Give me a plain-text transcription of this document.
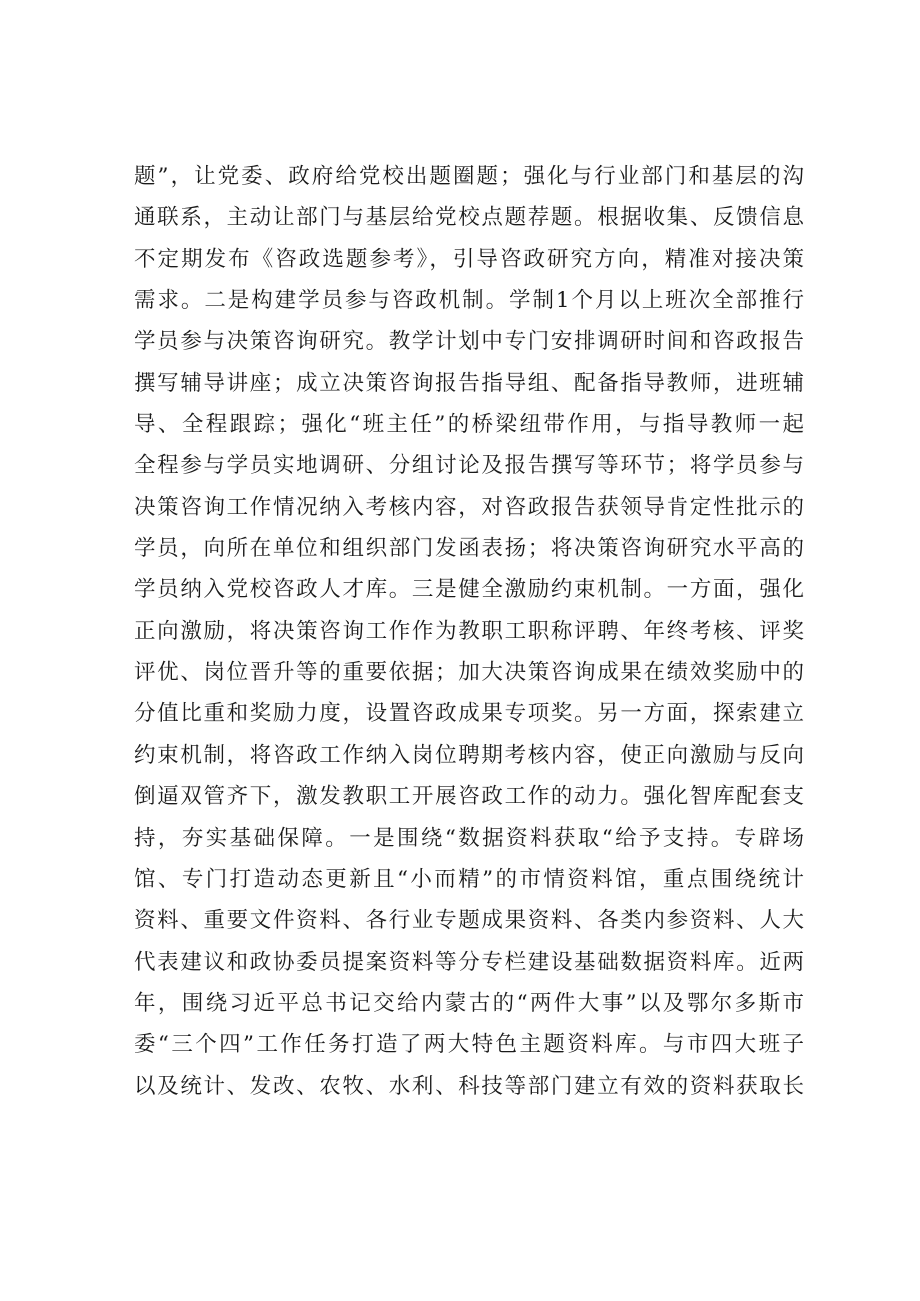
题”，让党委、政府给党校出题圈题；强化与行业部门和基层的沟
通联系，主动让部门与基层给党校点题荐题。根据收集、反馈信息
不定期发布《咨政选题参考》，引导咨政研究方向，精准对接决策
需求。二是构建学员参与咨政机制。学制1个月以上班次全部推行
学员参与决策咨询研究。教学计划中专门安排调研时间和咨政报告
撰写辅导讲座；成立决策咨询报告指导组、配备指导教师，进班辅
导、全程跟踪；强化“班主任”的桥梁纽带作用，与指导教师一起
全程参与学员实地调研、分组讨论及报告撰写等环节；将学员参与
决策咨询工作情况纳入考核内容，对咨政报告获领导肯定性批示的
学员，向所在单位和组织部门发函表扬；将决策咨询研究水平高的
学员纳入党校咨政人才库。三是健全激励约束机制。一方面，强化
正向激励，将决策咨询工作作为教职工职称评聘、年终考核、评奖
评优、岗位晋升等的重要依据；加大决策咨询成果在绩效奖励中的
分值比重和奖励力度，设置咨政成果专项奖。另一方面，探索建立
约束机制，将咨政工作纳入岗位聘期考核内容，使正向激励与反向
倒逼双管齐下，激发教职工开展咨政工作的动力。强化智库配套支
持，夯实基础保障。一是围绕“数据资料获取“给予支持。专辟场
馆、专门打造动态更新且“小而精”的市情资料馆，重点围绕统计
资料、重要文件资料、各行业专题成果资料、各类内参资料、人大
代表建议和政协委员提案资料等分专栏建设基础数据资料库。近两
年，围绕习近平总书记交给内蒙古的“两件大事”以及鄂尔多斯市
委“三个四”工作任务打造了两大特色主题资料库。与市四大班子
以及统计、发改、农牧、水利、科技等部门建立有效的资料获取长
